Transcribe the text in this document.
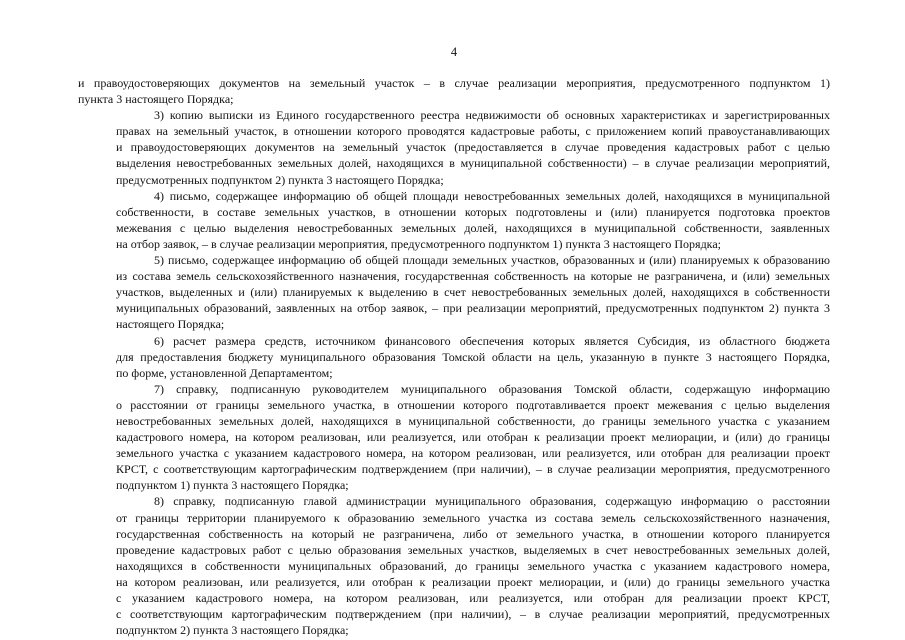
4

и правоудостоверяющих документов на земельный участок – в случае реализации мероприятия, предусмотренного подпунктом 1)
пункта 3 настоящего Порядка;

3) копию выписки из Единого государственного реестра недвижимости об основных характеристиках и зарегистрированных
правах на земельный участок, в отношении которого проводятся кадастровые работы, с приложением копий правоустанавливающих
и правоудостоверяющих документов на земельный участок (предоставляется в случае проведения кадастровых работ с целью
выделения невостребованных земельных долей, находящихся в муниципальной собственности) – в случае реализации мероприятий,
предусмотренных подпунктом 2) пункта 3 настоящего Порядка;

4) письмо, содержащее информацию об общей площади невостребованных земельных долей, находящихся в муниципальной
собственности, в составе земельных участков, в отношении которых подготовлены и (или) планируется подготовка проектов
межевания с целью выделения невостребованных земельных долей, находящихся в муниципальной собственности, заявленных
на отбор заявок, – в случае реализации мероприятия, предусмотренного подпунктом 1) пункта 3 настоящего Порядка;

5) письмо, содержащее информацию об общей площади земельных участков, образованных и (или) планируемых к образованию
из состава земель сельскохозяйственного назначения, государственная собственность на которые не разграничена, и (или) земельных
участков, выделенных и (или) планируемых к выделению в счет невостребованных земельных долей, находящихся в собственности
муниципальных образований, заявленных на отбор заявок, – при реализации мероприятий, предусмотренных подпунктом 2) пункта 3
настоящего Порядка;

6) расчет размера средств, источником финансового обеспечения которых является Субсидия, из областного бюджета
для предоставления бюджету муниципального образования Томской области на цель, указанную в пункте 3 настоящего Порядка,
по форме, установленной Департаментом;

7) справку, подписанную руководителем муниципального образования Томской области, содержащую информацию
о расстоянии от границы земельного участка, в отношении которого подготавливается проект межевания с целью выделения
невостребованных земельных долей, находящихся в муниципальной собственности, до границы земельного участка с указанием
кадастрового номера, на котором реализован, или реализуется, или отобран к реализации проект мелиорации, и (или) до границы
земельного участка с указанием кадастрового номера, на котором реализован, или реализуется, или отобран для реализации проект
КРСТ, с соответствующим картографическим подтверждением (при наличии), – в случае реализации мероприятия, предусмотренного
подпунктом 1) пункта 3 настоящего Порядка;

8) справку, подписанную главой администрации муниципального образования, содержащую информацию о расстоянии
от границы территории планируемого к образованию земельного участка из состава земель сельскохозяйственного назначения,
государственная собственность на который не разграничена, либо от земельного участка, в отношении которого планируется
проведение кадастровых работ с целью образования земельных участков, выделяемых в счет невостребованных земельных долей,
находящихся в собственности муниципальных образований, до границы земельного участка с указанием кадастрового номера,
на котором реализован, или реализуется, или отобран к реализации проект мелиорации, и (или) до границы земельного участка
с указанием кадастрового номера, на котором реализован, или реализуется, или отобран для реализации проект КРСТ,
с соответствующим картографическим подтверждением (при наличии), – в случае реализации мероприятий, предусмотренных
подпунктом 2) пункта 3 настоящего Порядка;
